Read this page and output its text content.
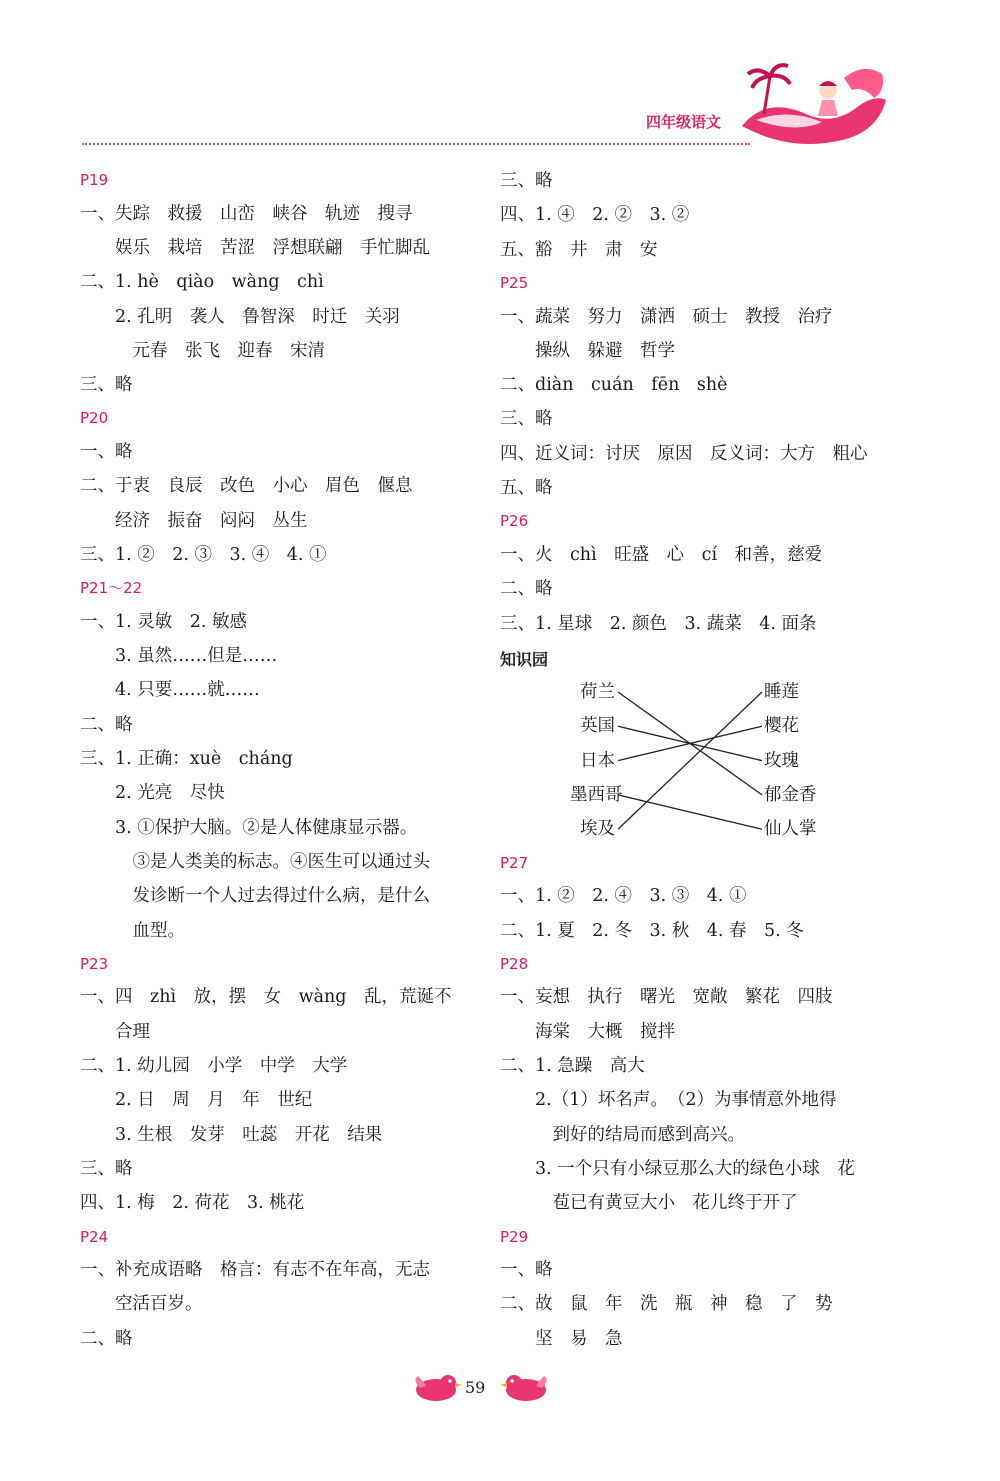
四年级语文
P19
一、失踪　救援　山峦　峡谷　轨迹　搜寻
　　娱乐　栽培　苦涩　浮想联翩　手忙脚乱
二、1. hè　qiào　wàng　chì
　　2. 孔明　袭人　鲁智深　时迁　关羽
　　　元春　张飞　迎春　宋清
三、略
P20
一、略
二、于衷　良辰　改色　小心　眉色　偃息
　　经济　振奋　闷闷　丛生
三、1. ②　2. ③　3. ④　4. ①
P21～22
一、1. 灵敏　2. 敏感
　　3. 虽然……但是……
　　4. 只要……就……
二、略
三、1. 正确：xuè　cháng
　　2. 光亮　尽快
　　3. ①保护大脑。②是人体健康显示器。
　　　③是人类美的标志。④医生可以通过头
　　　发诊断一个人过去得过什么病，是什么
　　　血型。
P23
一、四　zhì　放，摆　女　wàng　乱，荒诞不
　　合理
二、1. 幼儿园　小学　中学　大学
　　2. 日　周　月　年　世纪
　　3. 生根　发芽　吐蕊　开花　结果
三、略
四、1. 梅　2. 荷花　3. 桃花
P24
一、补充成语略　格言：有志不在年高，无志
　　空活百岁。
二、略
三、略
四、1. ④　2. ②　3. ②
五、豁　井　肃　安
P25
一、蔬菜　努力　潇洒　硕士　教授　治疗
　　操纵　躲避　哲学
二、diàn　cuán　fēn　shè
三、略
四、近义词：讨厌　原因　反义词：大方　粗心
五、略
P26
一、火　chì　旺盛　心　cí　和善，慈爱
二、略
三、1. 星球　2. 颜色　3. 蔬菜　4. 面条
知识园
荷兰
英国
日本
墨西哥
埃及
睡莲
樱花
玫瑰
郁金香
仙人掌
P27
一、1. ②　2. ④　3. ③　4. ①
二、1. 夏　2. 冬　3. 秋　4. 春　5. 冬
P28
一、妄想　执行　曙光　宽敞　繁花　四肢
　　海棠　大概　搅拌
二、1. 急躁　高大
　　2.（1）坏名声。　（2）为事情意外地得
　　　到好的结局而感到高兴。
　　3. 一个只有小绿豆那么大的绿色小球　花
　　　苞已有黄豆大小　花儿终于开了
P29
一、略
二、故　鼠　年　洗　瓶　神　稳　了　势
　　坚　易　急
59
